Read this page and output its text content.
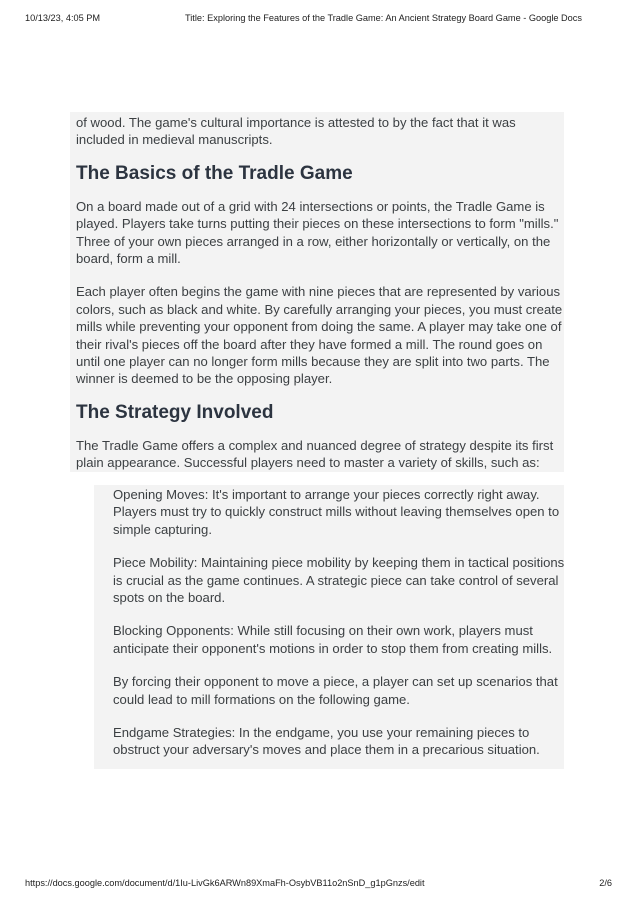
10/13/23, 4:05 PM	Title: Exploring the Features of the Tradle Game: An Ancient Strategy Board Game - Google Docs

of wood. The game's cultural importance is attested to by the fact that it was included in medieval manuscripts.

The Basics of the Tradle Game

On a board made out of a grid with 24 intersections or points, the Tradle Game is played. Players take turns putting their pieces on these intersections to form "mills." Three of your own pieces arranged in a row, either horizontally or vertically, on the board, form a mill.

Each player often begins the game with nine pieces that are represented by various colors, such as black and white. By carefully arranging your pieces, you must create mills while preventing your opponent from doing the same. A player may take one of their rival's pieces off the board after they have formed a mill. The round goes on until one player can no longer form mills because they are split into two parts. The winner is deemed to be the opposing player.

The Strategy Involved

The Tradle Game offers a complex and nuanced degree of strategy despite its first plain appearance. Successful players need to master a variety of skills, such as:

Opening Moves: It's important to arrange your pieces correctly right away. Players must try to quickly construct mills without leaving themselves open to simple capturing.

Piece Mobility: Maintaining piece mobility by keeping them in tactical positions is crucial as the game continues. A strategic piece can take control of several spots on the board.

Blocking Opponents: While still focusing on their own work, players must anticipate their opponent's motions in order to stop them from creating mills.

By forcing their opponent to move a piece, a player can set up scenarios that could lead to mill formations on the following game.

Endgame Strategies: In the endgame, you use your remaining pieces to obstruct your adversary's moves and place them in a precarious situation.

https://docs.google.com/document/d/1Iu-LivGk6ARWn89XmaFh-OsybVB11o2nSnD_g1pGnzs/edit	2/6
